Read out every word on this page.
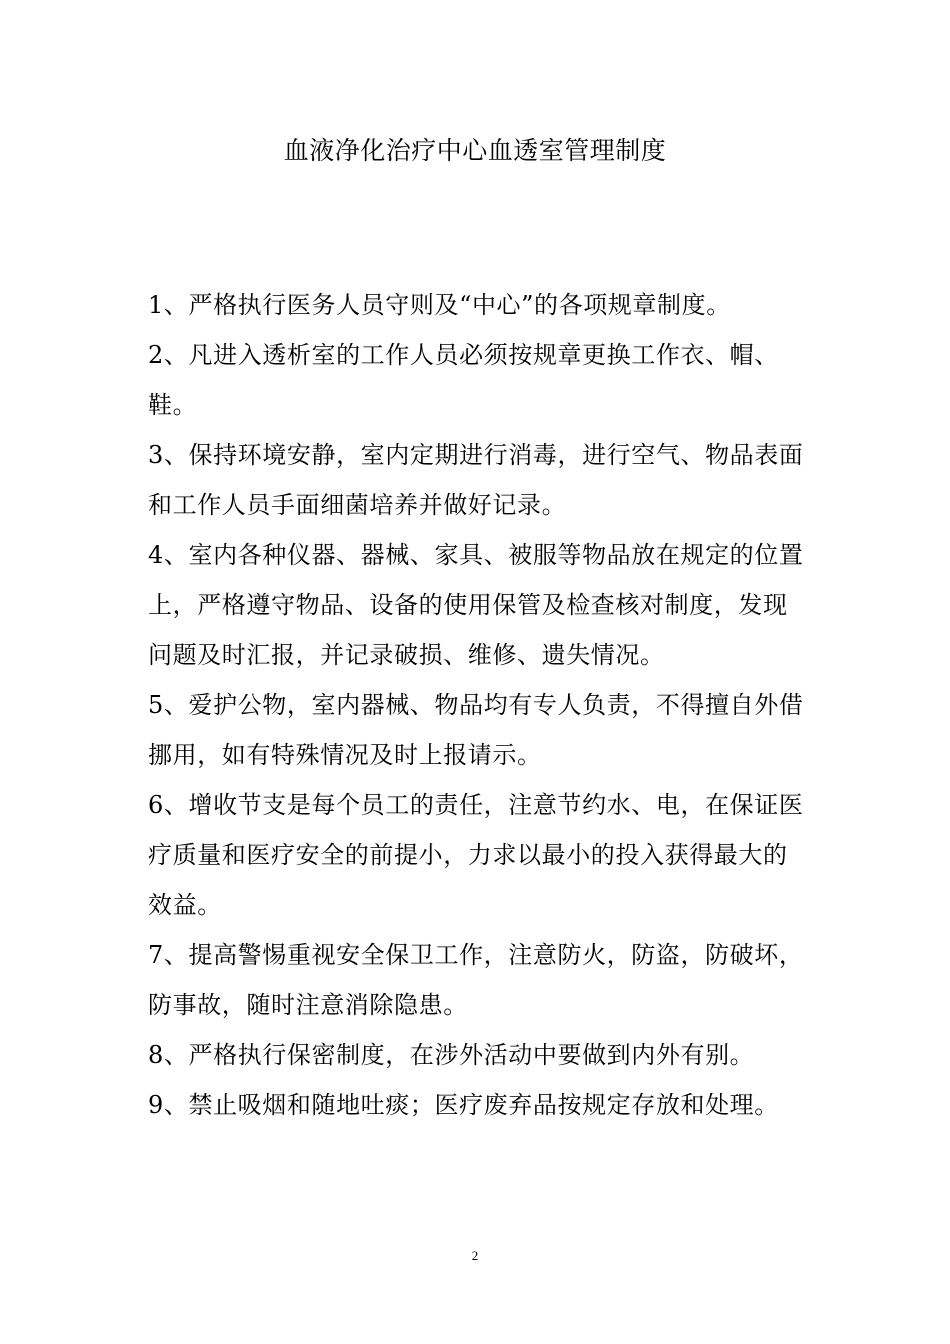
血液净化治疗中心血透室管理制度

1、严格执行医务人员守则及“中心”的各项规章制度。

2、凡进入透析室的工作人员必须按规章更换工作衣、帽、鞋。

3、保持环境安静，室内定期进行消毒，进行空气、物品表面和工作人员手面细菌培养并做好记录。

4、室内各种仪器、器械、家具、被服等物品放在规定的位置上，严格遵守物品、设备的使用保管及检查核对制度，发现问题及时汇报，并记录破损、维修、遗失情况。

5、爱护公物，室内器械、物品均有专人负责，不得擅自外借挪用，如有特殊情况及时上报请示。

6、增收节支是每个员工的责任，注意节约水、电，在保证医疗质量和医疗安全的前提小，力求以最小的投入获得最大的效益。

7、提高警惕重视安全保卫工作，注意防火，防盗，防破坏，防事故，随时注意消除隐患。

8、严格执行保密制度，在涉外活动中要做到内外有别。

9、禁止吸烟和随地吐痰；医疗废弃品按规定存放和处理。

2
